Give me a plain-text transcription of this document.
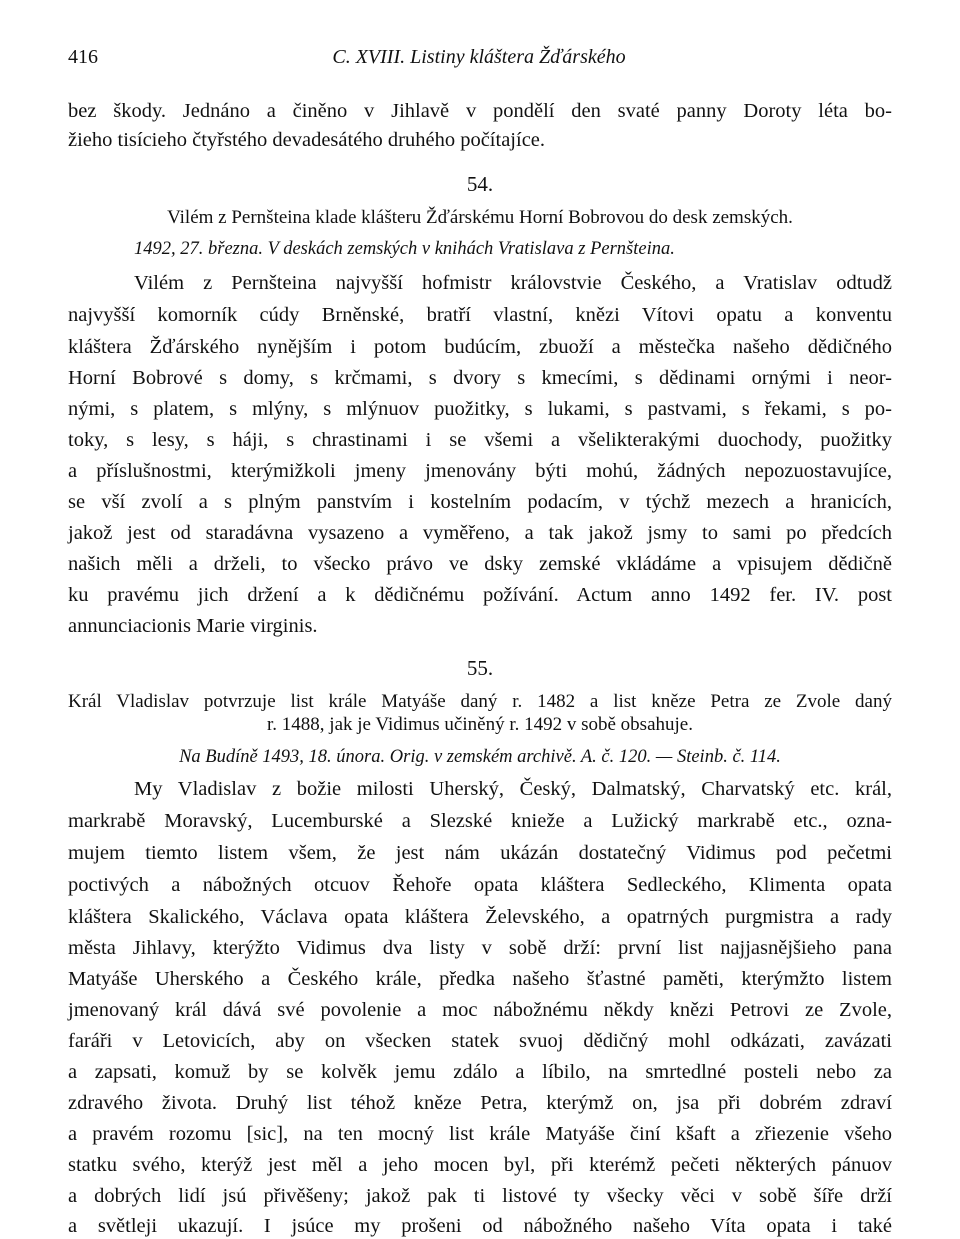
416	C. XVIII. Listiny kláštera Žďárského
bez škody. Jednáno a činěno v Jihlavě v pondělí den svaté panny Doroty léta bo-
žieho tisícieho čtyřstého devadesátého druhého počítajíce.
54.
Vilém z Pernšteina klade klášteru Žďárskému Horní Bobrovou do desk zemských.
1492, 27. března. V deskách zemských v knihách Vratislava z Pernšteina.
Vilém z Pernšteina najvyšší hofmistr královstvie Českého, a Vratislav odtudž
najvyšší komorník cúdy Brněnské, bratří vlastní, knězi Vítovi opatu a konventu
kláštera Žďárského nynějším i potom budúcím, zbuoží a městečka našeho dědičného
Horní Bobrové s domy, s krčmami, s dvory s kmecími, s dědinami ornými i neor-
nými, s platem, s mlýny, s mlýnuov puožitky, s lukami, s pastvami, s řekami, s po-
toky, s lesy, s háji, s chrastinami i se všemi a všelikterakými duochody, puožitky
a příslušnostmi, kterýmižkoli jmeny jmenovány býti mohú, žádných nepozuostavujíce,
se vší zvolí a s plným panstvím i kostelním podacím, v týchž mezech a hranicích,
jakož jest od staradávna vysazeno a vyměřeno, a tak jakož jsmy to sami po předcích
našich měli a drželi, to všecko právo ve dsky zemské vkládáme a vpisujem dědičně
ku pravému jich držení a k dědičnému požívání. Actum anno 1492 fer. IV. post
annunciacionis Marie virginis.
55.
Král Vladislav potvrzuje list krále Matyáše daný r. 1482 a list kněze Petra ze Zvole daný
r. 1488, jak je Vidimus učiněný r. 1492 v sobě obsahuje.
Na Budíně 1493, 18. února. Orig. v zemském archivě. A. č. 120. — Steinb. č. 114.
My Vladislav z božie milosti Uherský, Český, Dalmatský, Charvatský etc. král,
markrabě Moravský, Lucemburské a Slezské knieže a Lužický markrabě etc., ozna-
mujem tiemto listem všem, že jest nám ukázán dostatečný Vidimus pod pečetmi
poctivých a nábožných otcuov Řehoře opata kláštera Sedleckého, Klimenta opata
kláštera Skalického, Václava opata kláštera Želevského, a opatrných purgmistra a rady
města Jihlavy, kterýžto Vidimus dva listy v sobě drží: první list najjasnějšieho pana
Matyáše Uherského a Českého krále, předka našeho šťastné paměti, kterýmžto listem
jmenovaný král dává své povolenie a moc nábožnému někdy knězi Petrovi ze Zvole,
faráři v Letovicích, aby on všecken statek svuoj dědičný mohl odkázati, zavázati
a zapsati, komuž by se kolvěk jemu zdálo a líbilo, na smrtedlné posteli nebo za
zdravého života. Druhý list téhož kněze Petra, kterýmž on, jsa při dobrém zdraví
a pravém rozomu [sic], na ten mocný list krále Matyáše činí kšaft a zřiezenie všeho
statku svého, kterýž jest měl a jeho mocen byl, při kterémž pečeti některých pánuov
a dobrých lidí jsú přivěšeny; jakož pak ti listové ty všecky věci v sobě šíře drží
a světleji ukazují. I jsúce my prošeni od nábožného našeho Víta opata i také
